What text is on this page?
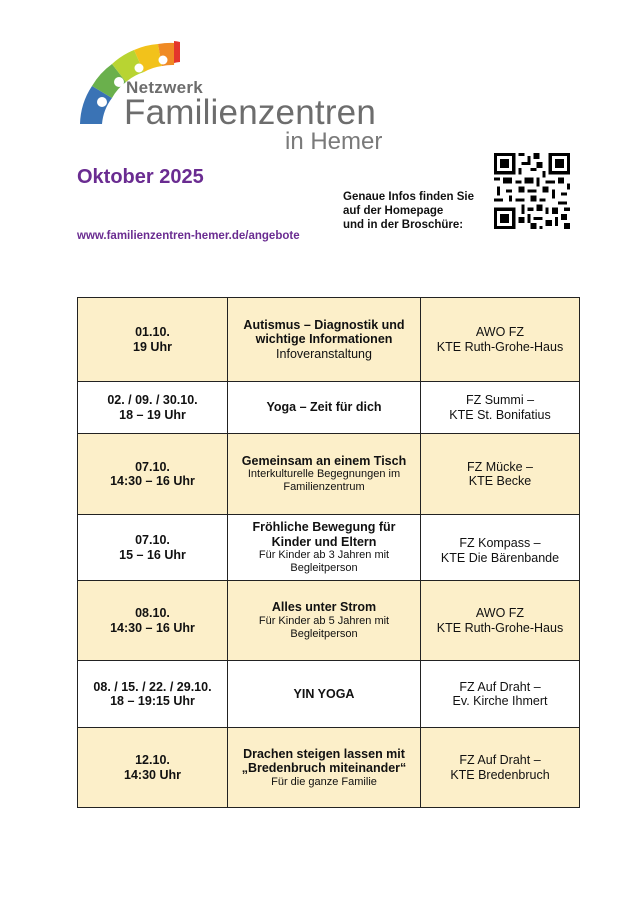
Netzwerk
Familienzentren
in Hemer
Oktober 2025
Genaue Infos finden Sie
auf der Homepage
und in der Broschüre:
www.familienzentren-hemer.de/angebote
01.10.
19 Uhr	Autismus – Diagnostik und
wichtige Informationen
Infoveranstaltung	AWO FZ
KTE Ruth-Grohe-Haus

02. / 09. / 30.10.
18 – 19 Uhr	Yoga – Zeit für dich	FZ Summi –
KTE St. Bonifatius

07.10.
14:30 – 16 Uhr	Gemeinsam an einem Tisch
Interkulturelle Begegnungen im
Familienzentrum	FZ Mücke –
KTE Becke

07.10.
15 – 16 Uhr	Fröhliche Bewegung für
Kinder und Eltern
Für Kinder ab 3 Jahren mit
Begleitperson	FZ Kompass –
KTE Die Bärenbande

08.10.
14:30 – 16 Uhr	Alles unter Strom
Für Kinder ab 5 Jahren mit
Begleitperson	AWO FZ
KTE Ruth-Grohe-Haus

08. / 15. / 22. / 29.10.
18 – 19:15 Uhr	YIN YOGA	FZ Auf Draht –
Ev. Kirche Ihmert

12.10.
14:30 Uhr	Drachen steigen lassen mit
„Bredenbruch miteinander“
Für die ganze Familie	FZ Auf Draht –
KTE Bredenbruch
